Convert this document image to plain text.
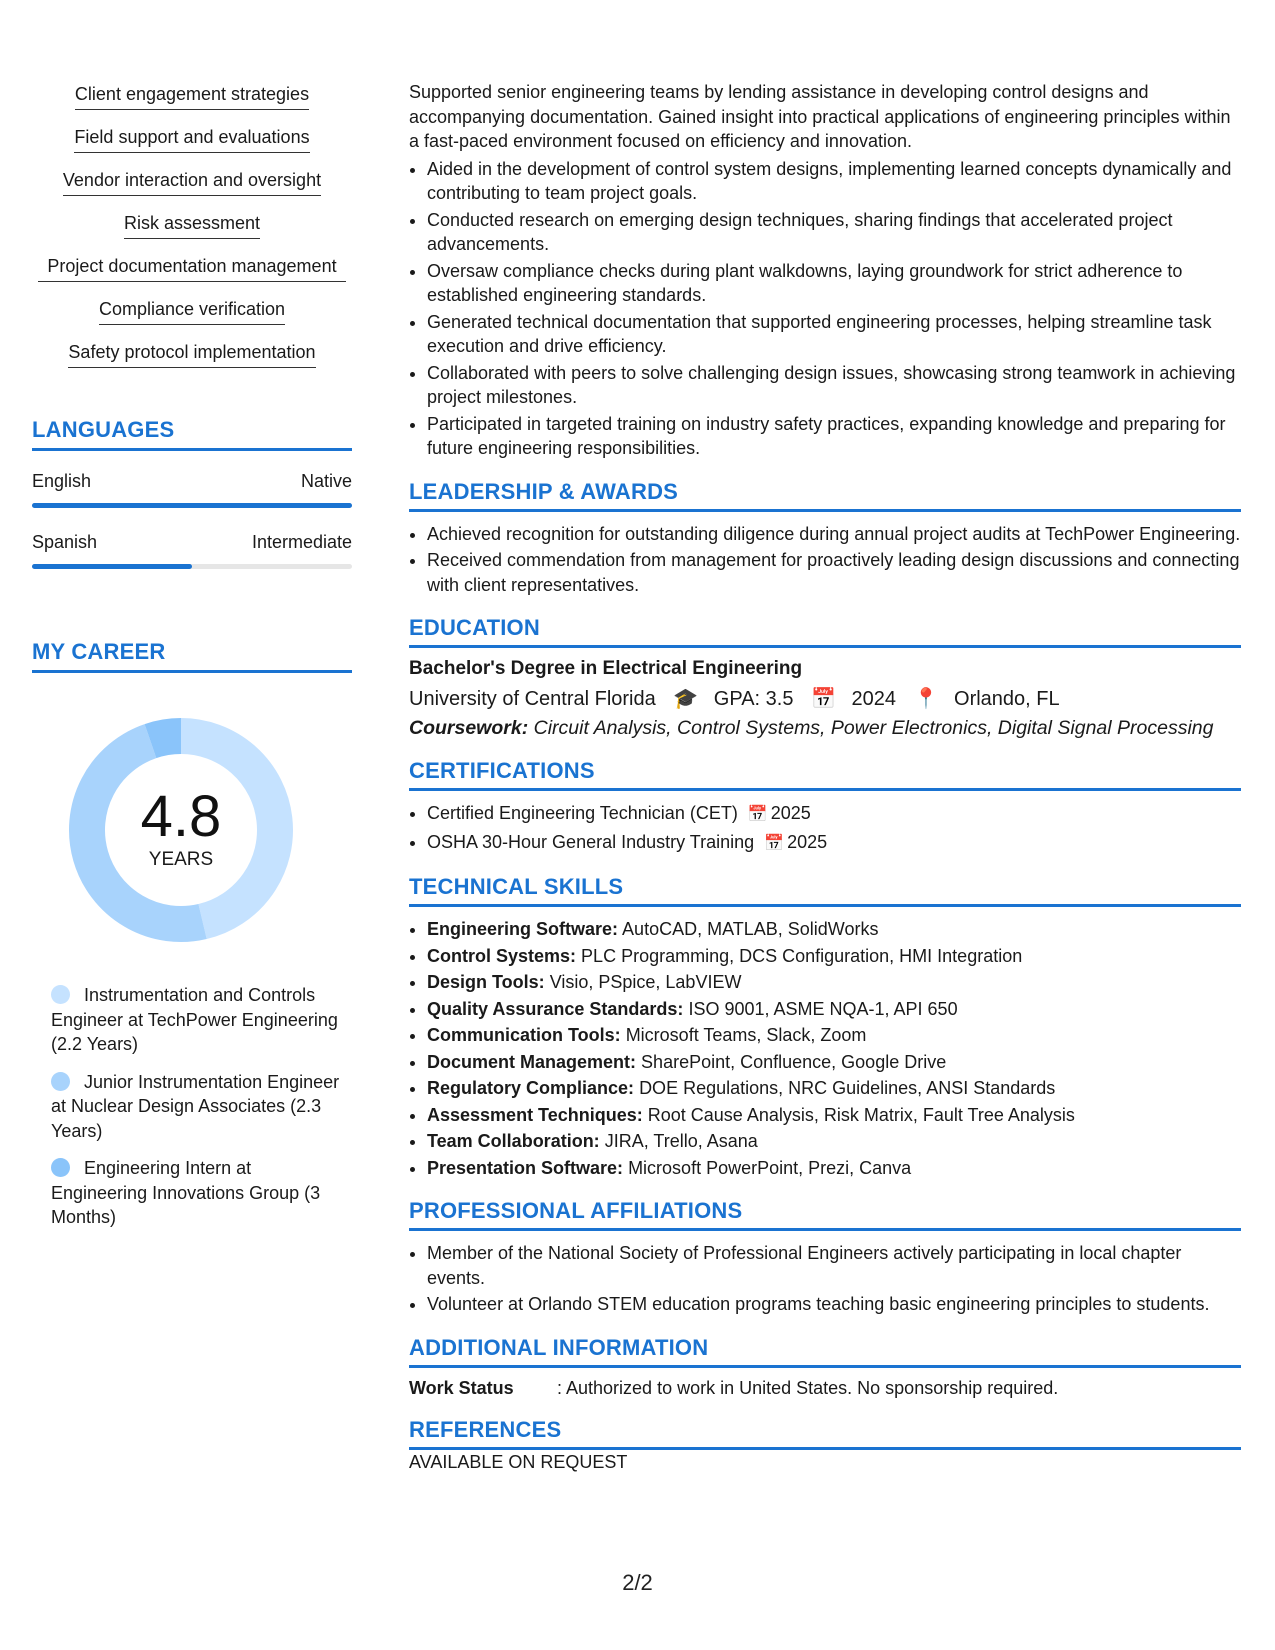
Client engagement strategies
Field support and evaluations
Vendor interaction and oversight
Risk assessment
Project documentation management
Compliance verification
Safety protocol implementation
LANGUAGES
English	Native
Spanish	Intermediate
MY CAREER
4.8
YEARS
Instrumentation and Controls Engineer at TechPower Engineering (2.2 Years)
Junior Instrumentation Engineer at Nuclear Design Associates (2.3 Years)
Engineering Intern at Engineering Innovations Group (3 Months)

Supported senior engineering teams by lending assistance in developing control designs and accompanying documentation. Gained insight into practical applications of engineering principles within a fast-paced environment focused on efficiency and innovation.

• Aided in the development of control system designs, implementing learned concepts dynamically and contributing to team project goals.
• Conducted research on emerging design techniques, sharing findings that accelerated project advancements.
• Oversaw compliance checks during plant walkdowns, laying groundwork for strict adherence to established engineering standards.
• Generated technical documentation that supported engineering processes, helping streamline task execution and drive efficiency.
• Collaborated with peers to solve challenging design issues, showcasing strong teamwork in achieving project milestones.
• Participated in targeted training on industry safety practices, expanding knowledge and preparing for future engineering responsibilities.
LEADERSHIP & AWARDS
• Achieved recognition for outstanding diligence during annual project audits at TechPower Engineering.
• Received commendation from management for proactively leading design discussions and connecting with client representatives.
EDUCATION
Bachelor's Degree in Electrical Engineering
University of Central Florida 🎓 GPA: 3.5 📅 2024 📍 Orlando, FL
Coursework: Circuit Analysis, Control Systems, Power Electronics, Digital Signal Processing
CERTIFICATIONS
• Certified Engineering Technician (CET) 📅 2025
• OSHA 30-Hour General Industry Training 📅 2025
TECHNICAL SKILLS
• Engineering Software: AutoCAD, MATLAB, SolidWorks
• Control Systems: PLC Programming, DCS Configuration, HMI Integration
• Design Tools: Visio, PSpice, LabVIEW
• Quality Assurance Standards: ISO 9001, ASME NQA-1, API 650
• Communication Tools: Microsoft Teams, Slack, Zoom
• Document Management: SharePoint, Confluence, Google Drive
• Regulatory Compliance: DOE Regulations, NRC Guidelines, ANSI Standards
• Assessment Techniques: Root Cause Analysis, Risk Matrix, Fault Tree Analysis
• Team Collaboration: JIRA, Trello, Asana
• Presentation Software: Microsoft PowerPoint, Prezi, Canva
PROFESSIONAL AFFILIATIONS
• Member of the National Society of Professional Engineers actively participating in local chapter events.
• Volunteer at Orlando STEM education programs teaching basic engineering principles to students.
ADDITIONAL INFORMATION
Work Status	: Authorized to work in United States. No sponsorship required.
REFERENCES

AVAILABLE ON REQUEST

2/2
